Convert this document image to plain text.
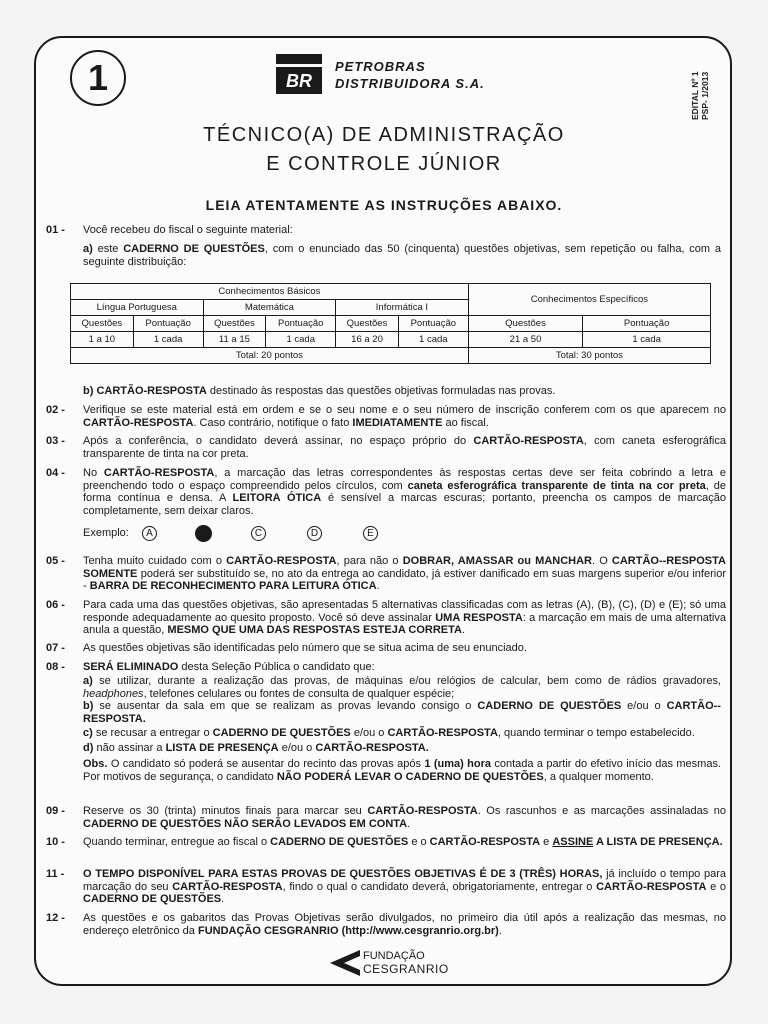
1	BR
PETROBRAS
DISTRIBUIDORA S.A.	EDITAL Nº 1 PSP- 1/2013
TÉCNICO(A) DE ADMINISTRAÇÃO
E CONTROLE JÚNIOR
LEIA ATENTAMENTE AS INSTRUÇÕES ABAIXO.
01 - Você recebeu do fiscal o seguinte material:
a) este CADERNO DE QUESTÕES, com o enunciado das 50 (cinquenta) questões objetivas, sem repetição ou falha, com a seguinte distribuição:
Conhecimentos Básicos						Conhecimentos Específicos	
Língua Portuguesa		Matemática		Informática I			
Questões	Pontuação	Questões	Pontuação	Questões	Pontuação	Questões	Pontuação
1 a 10	1 cada	11 a 15	1 cada	16 a 20	1 cada	21 a 50	1 cada
Total: 20 pontos						Total: 30 pontos	
b) CARTÃO-RESPOSTA destinado às respostas das questões objetivas formuladas nas provas.
02 - Verifique se este material está em ordem e se o seu nome e o seu número de inscrição conferem com os que aparecem no CARTÃO-RESPOSTA. Caso contrário, notifique o fato IMEDIATAMENTE ao fiscal.
03 - Após a conferência, o candidato deverá assinar, no espaço próprio do CARTÃO-RESPOSTA, com caneta esferográfica transparente de tinta na cor preta.
04 - No CARTÃO-RESPOSTA, a marcação das letras correspondentes às respostas certas deve ser feita cobrindo a letra e preenchendo todo o espaço compreendido pelos círculos, com caneta esferográfica transparente de tinta na cor preta, de forma contínua e densa. A LEITORA ÓTICA é sensível a marcas escuras; portanto, preencha os campos de marcação completamente, sem deixar claros.
Exemplo:	A	C	D	E
05 - Tenha muito cuidado com o CARTÃO-RESPOSTA, para não o DOBRAR, AMASSAR ou MANCHAR. O CARTÃO--RESPOSTA SOMENTE poderá ser substituído se, no ato da entrega ao candidato, já estiver danificado em suas margens superior e/ou inferior - BARRA DE RECONHECIMENTO PARA LEITURA ÓTICA.
06 - Para cada uma das questões objetivas, são apresentadas 5 alternativas classificadas com as letras (A), (B), (C), (D) e (E); só uma responde adequadamente ao quesito proposto. Você só deve assinalar UMA RESPOSTA: a marcação em mais de uma alternativa anula a questão, MESMO QUE UMA DAS RESPOSTAS ESTEJA CORRETA.
07 - As questões objetivas são identificadas pelo número que se situa acima de seu enunciado.
08 - SERÁ ELIMINADO desta Seleção Pública o candidato que:
a) se utilizar, durante a realização das provas, de máquinas e/ou relógios de calcular, bem como de rádios gravadores, headphones, telefones celulares ou fontes de consulta de qualquer espécie;
b) se ausentar da sala em que se realizam as provas levando consigo o CADERNO DE QUESTÕES e/ou o CARTÃO--RESPOSTA.
c) se recusar a entregar o CADERNO DE QUESTÕES e/ou o CARTÃO-RESPOSTA, quando terminar o tempo estabelecido.
d) não assinar a LISTA DE PRESENÇA e/ou o CARTÃO-RESPOSTA.
Obs. O candidato só poderá se ausentar do recinto das provas após 1 (uma) hora contada a partir do efetivo início das mesmas. Por motivos de segurança, o candidato NÃO PODERÁ LEVAR O CADERNO DE QUESTÕES, a qualquer momento.
09 - Reserve os 30 (trinta) minutos finais para marcar seu CARTÃO-RESPOSTA. Os rascunhos e as marcações assinaladas no CADERNO DE QUESTÕES NÃO SERÃO LEVADOS EM CONTA.
10 - Quando terminar, entregue ao fiscal o CADERNO DE QUESTÕES e o CARTÃO-RESPOSTA e ASSINE A LISTA DE PRESENÇA.
11 - O TEMPO DISPONÍVEL PARA ESTAS PROVAS DE QUESTÕES OBJETIVAS É DE 3 (TRÊS) HORAS, já incluído o tempo para marcação do seu CARTÃO-RESPOSTA, findo o qual o candidato deverá, obrigatoriamente, entregar o CARTÃO-RESPOSTA e o CADERNO DE QUESTÕES.
12 - As questões e os gabaritos das Provas Objetivas serão divulgados, no primeiro dia útil após a realização das mesmas, no endereço eletrônico da FUNDAÇÃO CESGRANRIO (http://www.cesgranrio.org.br).
FUNDAÇÃO
CESGRANRIO
